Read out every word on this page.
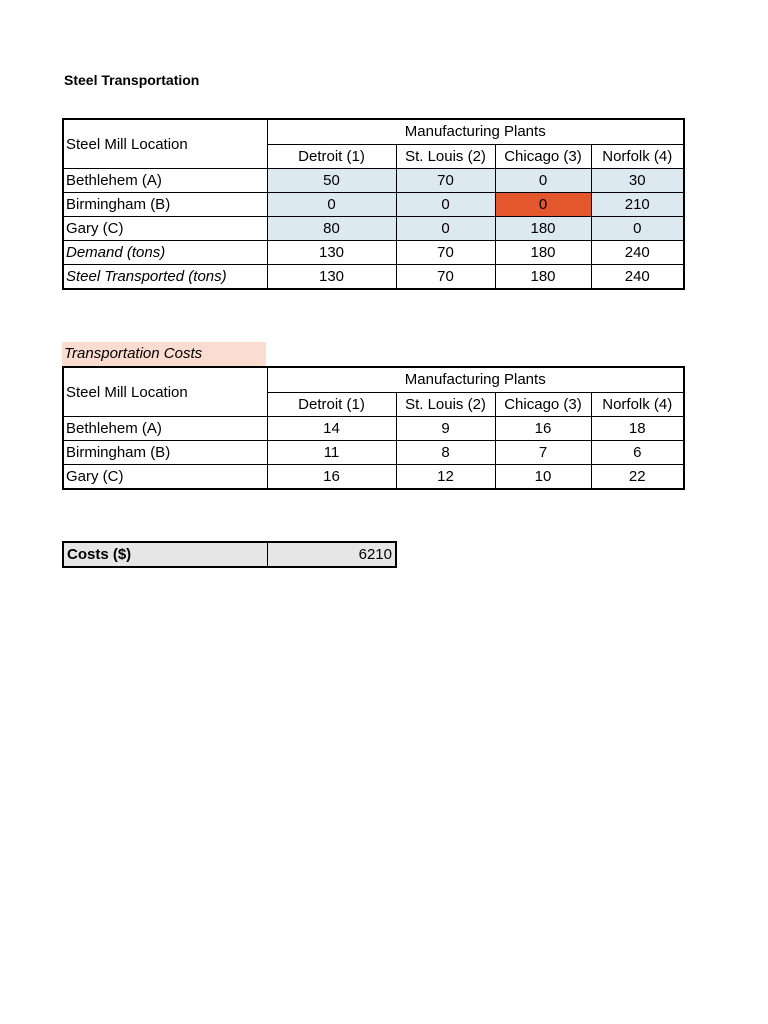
Steel Transportation
Steel Mill Location	Manufacturing Plants			
	Detroit (1)	St. Louis (2)	Chicago (3)	Norfolk (4)
Bethlehem (A)	50	70	0	30
Birmingham (B)	0	0	0	210
Gary (C)	80	0	180	0
Demand (tons)	130	70	180	240
Steel Transported (tons)	130	70	180	240
Transportation Costs
Steel Mill Location	Manufacturing Plants			
	Detroit (1)	St. Louis (2)	Chicago (3)	Norfolk (4)
Bethlehem (A)	14	9	16	18
Birmingham (B)	11	8	7	6
Gary (C)	16	12	10	22
Costs ($)	6210
